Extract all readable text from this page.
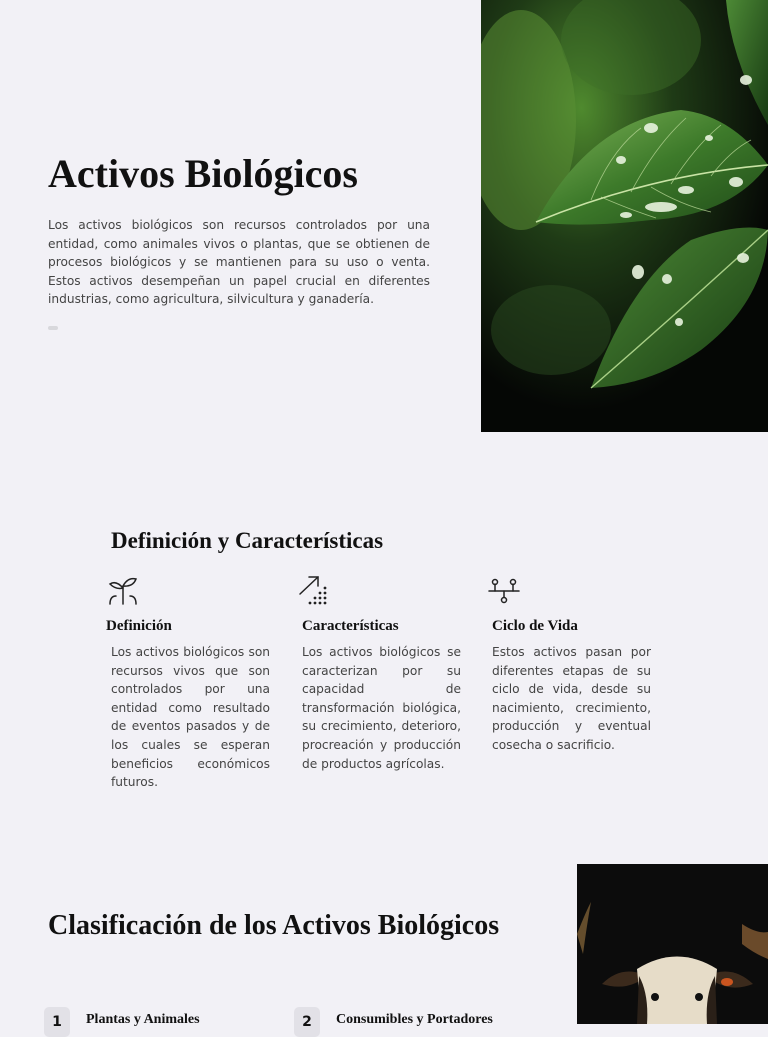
Activos Biológicos

Los activos biológicos son recursos controlados por una entidad, como animales vivos o plantas, que se obtienen de procesos biológicos y se mantienen para su uso o venta. Estos activos desempeñan un papel crucial en diferentes industrias, como agricultura, silvicultura y ganadería.

Definición y Características
Definición

Los activos biológicos son recursos vivos que son controlados por una entidad como resultado de eventos pasados y de los cuales se esperan beneficios económicos futuros.

Características

Los activos biológicos se caracterizan por su capacidad de transformación biológica, su crecimiento, deterioro, procreación y producción de productos agrícolas.

Ciclo de Vida

Estos activos pasan por diferentes etapas de su ciclo de vida, desde su nacimiento, crecimiento, producción y eventual cosecha o sacrificio.

Clasificación de los Activos Biológicos
1	Plantas y Animales	2	Consumibles y Portadores
